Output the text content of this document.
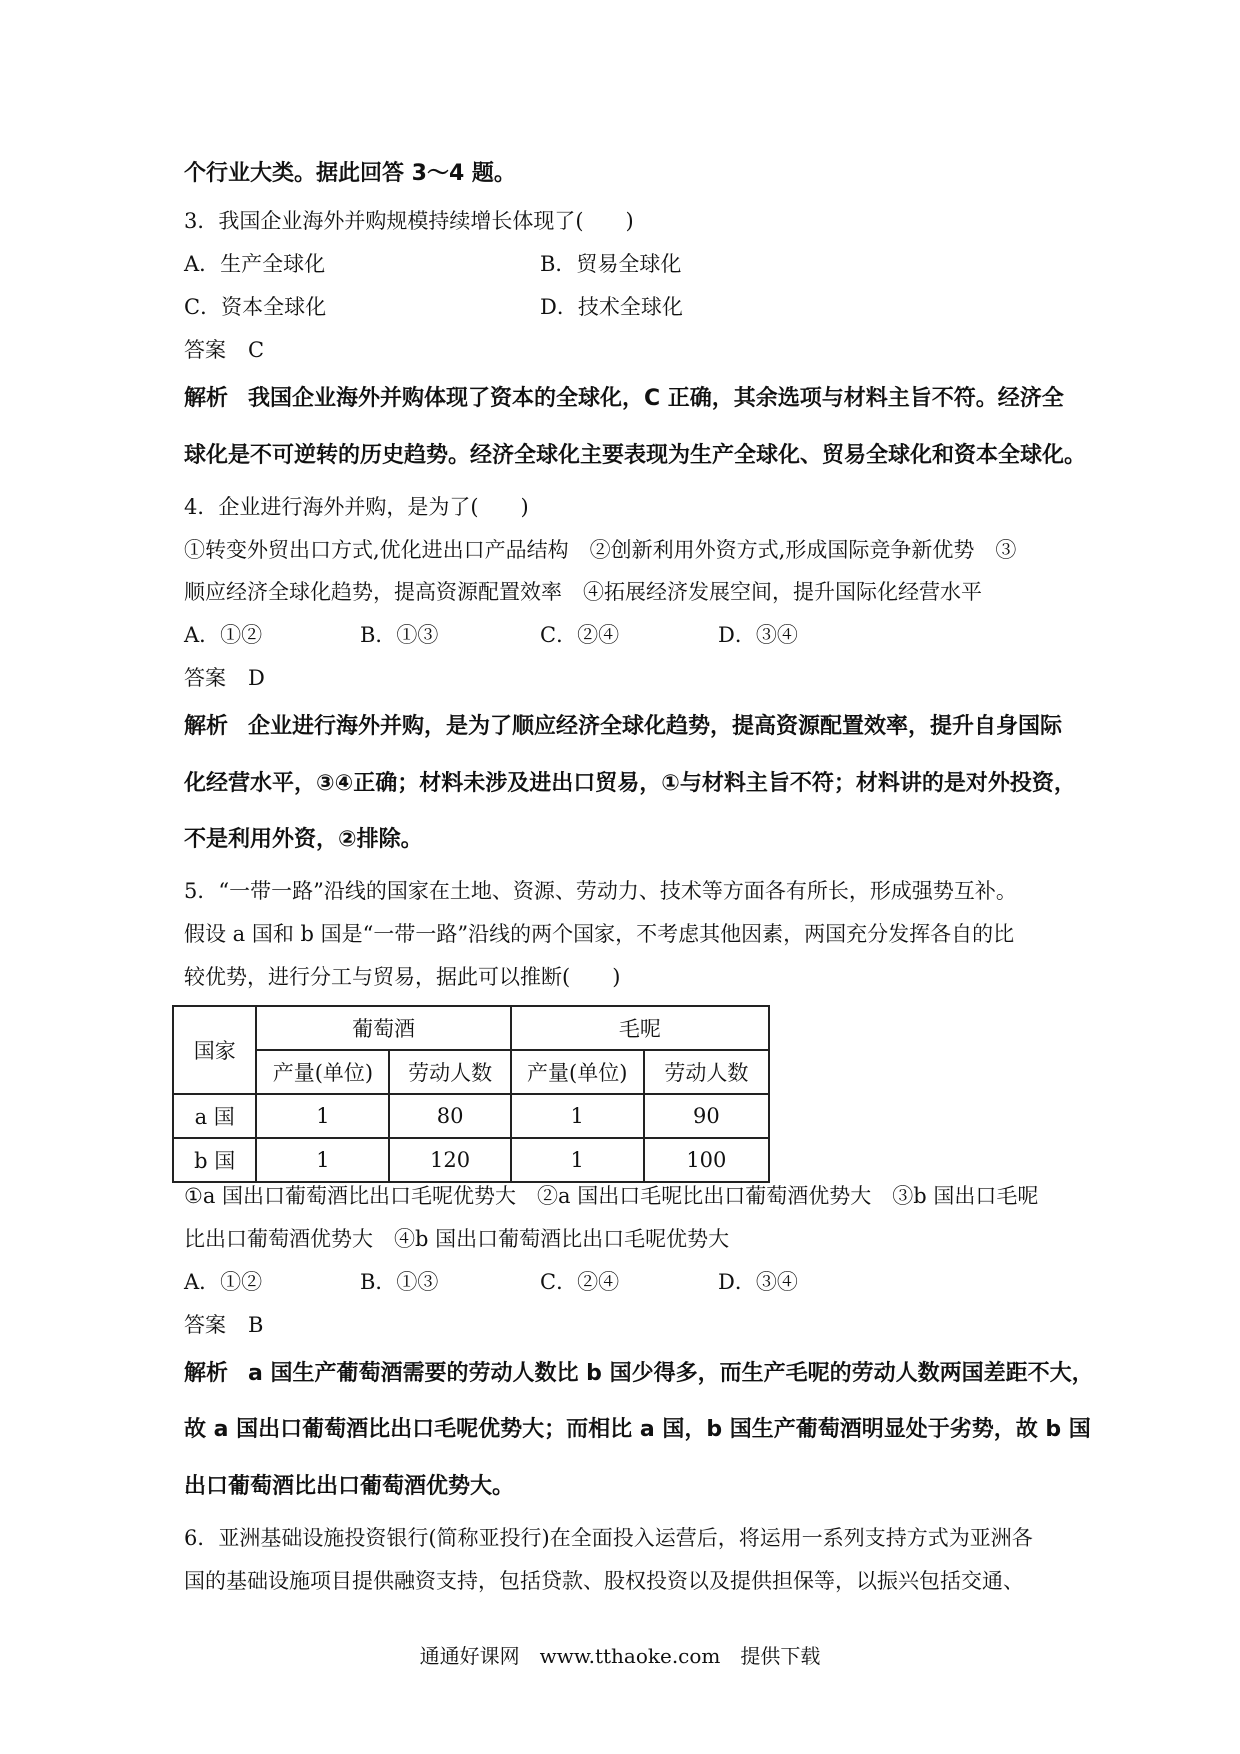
个行业大类。据此回答 3～4 题。
3．我国企业海外并购规模持续增长体现了(　　)
A．生产全球化	B．贸易全球化
C．资本全球化	D．技术全球化
答案 C
解析 我国企业海外并购体现了资本的全球化，C 正确，其余选项与材料主旨不符。经济全
球化是不可逆转的历史趋势。经济全球化主要表现为生产全球化、贸易全球化和资本全球化。
4．企业进行海外并购，是为了(　　)
①转变外贸出口方式,优化进出口产品结构　②创新利用外资方式,形成国际竞争新优势　③
顺应经济全球化趋势，提高资源配置效率　④拓展经济发展空间，提升国际化经营水平
A．①②	B．①③	C．②④	D．③④
答案 D
解析 企业进行海外并购，是为了顺应经济全球化趋势，提高资源配置效率，提升自身国际
化经营水平，③④正确；材料未涉及进出口贸易，①与材料主旨不符；材料讲的是对外投资，
不是利用外资，②排除。
5．“一带一路”沿线的国家在土地、资源、劳动力、技术等方面各有所长，形成强势互补。
假设 a 国和 b 国是“一带一路”沿线的两个国家，不考虑其他因素，两国充分发挥各自的比
较优势，进行分工与贸易，据此可以推断(　　)
国家	葡萄酒		毛呢	
	产量(单位)	劳动人数	产量(单位)	劳动人数
a 国	1	80	1	90
b 国	1	120	1	100
①a 国出口葡萄酒比出口毛呢优势大　②a 国出口毛呢比出口葡萄酒优势大　③b 国出口毛呢
比出口葡萄酒优势大　④b 国出口葡萄酒比出口毛呢优势大
A．①②	B．①③	C．②④	D．③④
答案 B
解析 a 国生产葡萄酒需要的劳动人数比 b 国少得多，而生产毛呢的劳动人数两国差距不大，
故 a 国出口葡萄酒比出口毛呢优势大；而相比 a 国，b 国生产葡萄酒明显处于劣势，故 b 国
出口葡萄酒比出口葡萄酒优势大。
6．亚洲基础设施投资银行(简称亚投行)在全面投入运营后，将运用一系列支持方式为亚洲各
国的基础设施项目提供融资支持，包括贷款、股权投资以及提供担保等，以振兴包括交通、
通通好课网　www.tthaoke.com　提供下载
